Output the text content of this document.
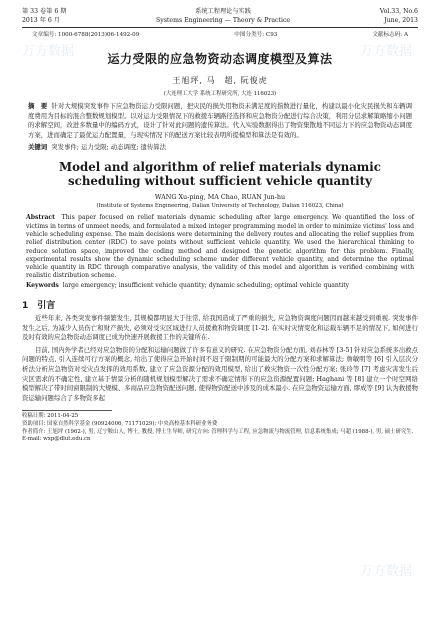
第 33 卷第 6 期
2013 年 6 月
系统工程理论与实践
Systems Engineering — Theory & Practice
Vol.33, No.6
June, 2013
文章编号: 1000-6788(2013)06-1492-09	中图分类号: C93	文献标志码: A
运力受限的应急物资动态调度模型及算法
王旭坪, 马　超, 阮俊虎
(大连理工大学 系统工程研究所, 大连 116023)
摘　要 针对大规模突发事件下应急物资运力受限问题，把灾民的损失用物资未满足度的指数进行量化，构建以最小化灾民损失和车辆调度费用为目标的混合整数规划模型。以对运力受限情况下的救援车辆路径选择和应急物资分配进行综合决策，利用分层求解策略缩小问题的求解空间，改进多数量中的编码方式，设计了针对此问题的遗传算法。代入实验数据得出了物资集散地不同运力下的应急物资动态调度方案，进而确定了最优运力配置量，与现实情况下的配送方案比较表明所提模型和算法是有效的。
关键词 突发事件; 运力受限; 动态调度; 遗传算法
Model and algorithm of relief materials dynamic scheduling without sufficient vehicle quantity
WANG Xu-ping, MA Chao, RUAN Jun-hu
(Institute of Systems Engineering, Dalian University of Technology, Dalian 116023, China)
Abstract This paper focused on relief materials dynamic scheduling after large emergency. We quantified the loss of victims in terms of unmeet needs, and formulated a mixed integer programming model in order to minimize victims' loss and vehicle scheduling expense. The main decisions were determining the delivery routes and allocating the relief supplies from relief distribution center (RDC) to save points without sufficient vehicle quantity. We used the hierarchical thinking to reduce solution space, improved the coding method and designed the genetic algorithm for this problem. Finally, experimental results show the dynamic scheduling scheme under different vehicle quantity, and determine the optimal vehicle quantity in RDC through comparative analysis, the validity of this model and algorithm is verified combining with realistic distribution scheme.
Keywords large emergency; insufficient vehicle quantity; dynamic scheduling; optimal vehicle quantity
1　引言

近些年来, 各类突发事件频繁发生, 其规模都明显大于往常, 给我国造成了严重的损失, 应急物资调度问题因而越来越受到重视. 突发事件发生之后, 为减少人员伤亡和财产损失, 必须对受灾区域进行人员援救和物资调度 [1-2]. 在实时灾情变化和运载车辆不足的情况下, 如何进行及时有效的应急物资动态调度已成为快速开展救援工作的关键所在.

目前, 国内外学者已经对应急物资的分配和运输问题做了许多有意义的研究. 在应急物资分配方面, 刘春林等 [3-5] 针对应急系统多出救点问题的特点, 引入连续可行方案的概念, 给出了使得应急开始时间不迟于限制期的可能最大的分配方案和求解算法; 詹敏明等 [6] 引入层次分析法分析应急物资对受灾点发挥的效用系数, 建立了应急资源分配的效用模型, 给出了救灾物资一次性分配方案; 张玲等 [7] 考虑灾害发生后灾区需求的不确定性, 建立基于情景分析的随机规划模型解决了需求不确定情形下的应急资源配置问题; Haghani 等 [8] 建立一个时空网络模型解决了带时间窗限制的大规模、多商品应急物资配送问题, 使得物资配送中涉及的成本最小. 在应急物资运输方面, 缪成等 [9] 认为救援物资运输问题综合了多物资多起

收稿日期: 2011-04-25
资助项目: 国家自然科学基金 (90924006, 71171029); 中央高校基本科研业务费
作者简介: 王旭坪 (1962-), 男, 辽宁鞍山人, 博士, 教授, 博士生导师, 研究方向: 管理科学与工程, 应急物流与物流管理, 信息系统集成; 马超 (1988-), 男, 硕士研究生.
E-mail: wxp@dlut.edu.cn
万方数据	万方数据
万方数据
